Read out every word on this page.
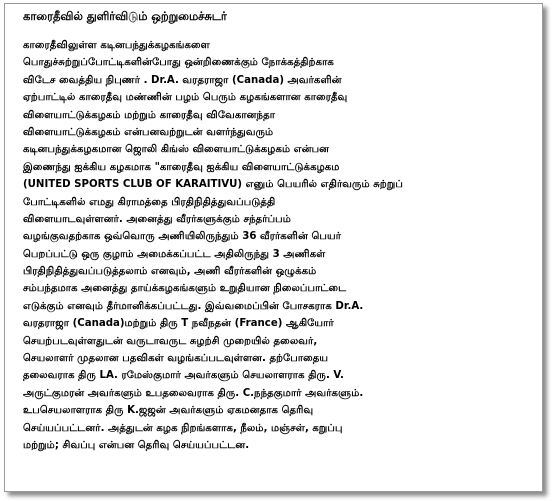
காரைதீவில் துளிர்விடும் ஒற்றுமைச்சுடர்
காரைதீவிலுள்ள கடினபந்துக்கழகங்களை
பொதுச்சுற்றுப்போட்டிகளின்போது ஒன்றிணைக்கும் நோக்கத்திற்காக
விடேச வைத்திய நிபுணர் . Dr.A. வரதராஜா (Canada) அவர்களின்
ஏற்பாட்டில் காரைதீவு மண்ணின் பழம் பெரும் கழகங்களான காரைதீவு
விளையாட்டுக்கழகம் மற்றும் காரைதீவு விவேகானந்தா
விளையாட்டுக்கழகம் என்பனவற்றுடன் வளர்ந்துவரும்
கடினபந்துக்கழகமான ஜொலி கிங்ஸ் விளையாட்டுக்கழகம் என்பன
இணைந்து ஐக்கிய கழகமாக "காரைதீவு ஐக்கிய விளையாட்டுக்கழகம
(UNITED SPORTS CLUB OF KARAITIVU) எனும் பெயரில் எதிர்வரும் சுற்றுப்
போட்டிகளில் எமது கிராமத்தை பிரதிநிதித்துவப்படுத்தி
விளையாடவுள்ளனர். அனைத்து வீரர்களுக்கும் சந்தர்ப்பம்
வழங்குவதற்காக ஒவ்வொரு அணியிலிருந்தும் 36 வீரர்களின் பெயர்
பெறப்பட்டு ஒரு குழாம் அமைக்கப்பட்ட அதிலிருந்து 3 அணிகள்
பிரதிநிதித்துவப்படுத்தலாம் எனவும், அணி வீரர்களின் ஒழுக்கம்
சம்பந்தமாக அனைத்து தாய்க்கழகங்களும் உறுதியான நிலைப்பாட்டை
எடுக்கும் எனவும் தீர்மானிக்கப்பட்டது. இவ்வமைப்பின் போசகராக Dr.A.
வரதராஜா (Canada)மற்றும் திரு T நவீநதன் (France) ஆகியோர்
செயற்படவுள்ளதுடன் வருடாவருட சுழற்சி முறையில் தலைவர்,
செயலாளர் முதலான பதவிகள் வழங்கப்படவுள்ளன. தற்போதைய
தலைவராக திரு LA. ரமேஸ்குமார் அவர்களும் செயலாளராக திரு. V.
அருட்குமரன் அவர்களும் உபதலைவராக திரு. C.நந்தகுமார் அவர்களும்.
உபசெயலாளராக திரு K.ஜஜன் அவர்களும் ஏகமனதாக தெரிவு
செய்யப்பட்டனர். அத்துடன் கழக நிறங்களாக, நீலம், மஞ்சள், கறுப்பு
மற்றும்; சிவப்பு என்பன தெரிவு செய்யப்பட்டன.
